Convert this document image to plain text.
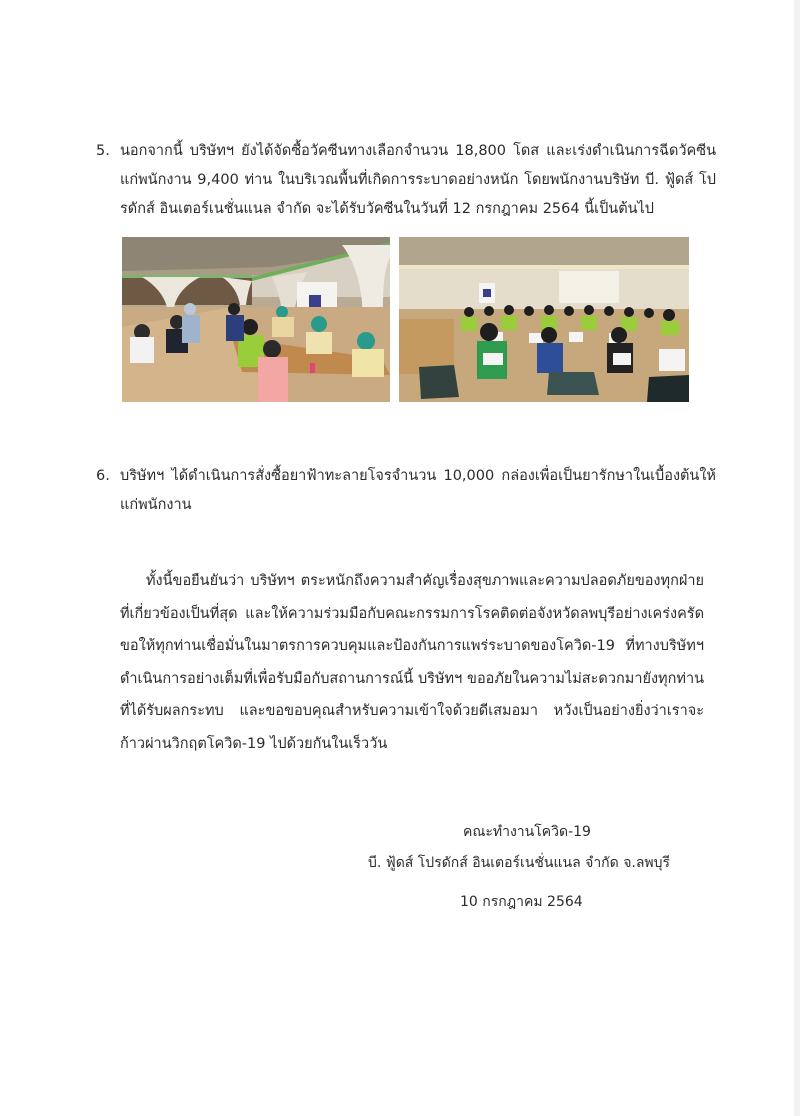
5. นอกจากนี้ บริษัทฯ ยังได้จัดซื้อวัคซีนทางเลือกจำนวน 18,800 โดส และเร่งดำเนินการฉีดวัคซีนแก่พนักงาน 9,400 ท่าน ในบริเวณพื้นที่เกิดการระบาดอย่างหนัก โดยพนักงานบริษัท บี. ฟู้ดส์ โปรดักส์ อินเตอร์เนชั่นแนล จำกัด จะได้รับวัคซีนในวันที่ 12 กรกฎาคม 2564 นี้เป็นต้นไป
6. บริษัทฯ ได้ดำเนินการสั่งซื้อยาฟ้าทะลายโจรจำนวน 10,000 กล่องเพื่อเป็นยารักษาในเบื้องต้นให้แก่พนักงาน

ทั้งนี้ขอยืนยันว่า บริษัทฯ ตระหนักถึงความสำคัญเรื่องสุขภาพและความปลอดภัยของทุกฝ่ายที่เกี่ยวข้องเป็นที่สุด และให้ความร่วมมือกับคณะกรรมการโรคติดต่อจังหวัดลพบุรีอย่างเคร่งครัด ขอให้ทุกท่านเชื่อมั่นในมาตรการควบคุมและป้องกันการแพร่ระบาดของโควิด-19 ที่ทางบริษัทฯ ดำเนินการอย่างเต็มที่เพื่อรับมือกับสถานการณ์นี้ บริษัทฯ ขออภัยในความไม่สะดวกมายังทุกท่านที่ได้รับผลกระทบ และขอขอบคุณสำหรับความเข้าใจด้วยดีเสมอมา หวังเป็นอย่างยิ่งว่าเราจะก้าวผ่านวิกฤตโควิด-19 ไปด้วยกันในเร็ววัน

คณะทำงานโควิด-19
บี. ฟู้ดส์ โปรดักส์ อินเตอร์เนชั่นแนล จำกัด จ.ลพบุรี
10 กรกฎาคม 2564
